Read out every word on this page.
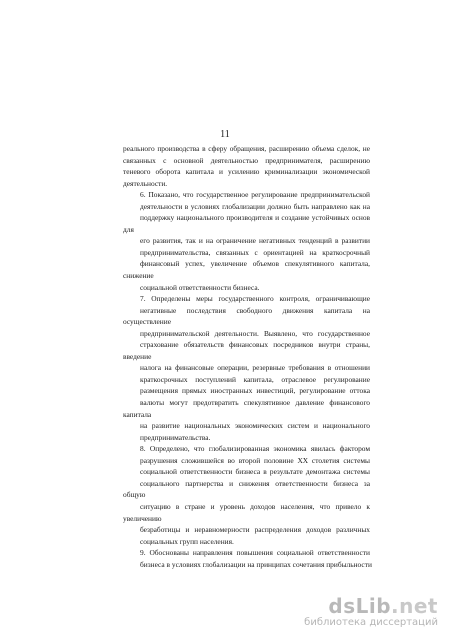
11
реального производства в сферу обращения, расширению объема сделок, не
связанных с основной деятельностью предпринимателя, расширению
теневого оборота капитала и усилению криминализации экономической
деятельности.
6. Показано, что государственное регулирование предпринимательской
деятельности в условиях глобализации должно быть направлено как на
поддержку национального производителя и создание устойчивых основ для
его развития, так и на ограничение негативных тенденций в развитии
предпринимательства, связанных с ориентацией на краткосрочный
финансовый успех, увеличение объемов спекулятивного капитала, снижение
социальной ответственности бизнеса.
7. Определены меры государственного контроля, ограничивающие
негативные последствия свободного движения капитала на осуществление
предпринимательской деятельности. Выявлено, что государственное
страхование обязательств финансовых посредников внутри страны, введение
налога на финансовые операции, резервные требования в отношении
краткосрочных поступлений капитала, отраслевое регулирование
размещения прямых иностранных инвестиций, регулирование оттока
валюты могут предотвратить спекулятивное давление финансового капитала
на развитие национальных экономических систем и национального
предпринимательства.
8. Определено, что глобализированная экономика явилась фактором
разрушения сложившейся во второй половине XX столетия системы
социальной ответственности бизнеса в результате демонтажа системы
социального партнерства и снижения ответственности бизнеса за общую
ситуацию в стране и уровень доходов населения, что привело к увеличению
безработицы и неравномерности распределения доходов различных
социальных групп населения.
9. Обоснованы направления повышения социальной ответственности
бизнеса в условиях глобализации на принципах сочетания прибыльности
dsLib.net
библиотека диссертаций
